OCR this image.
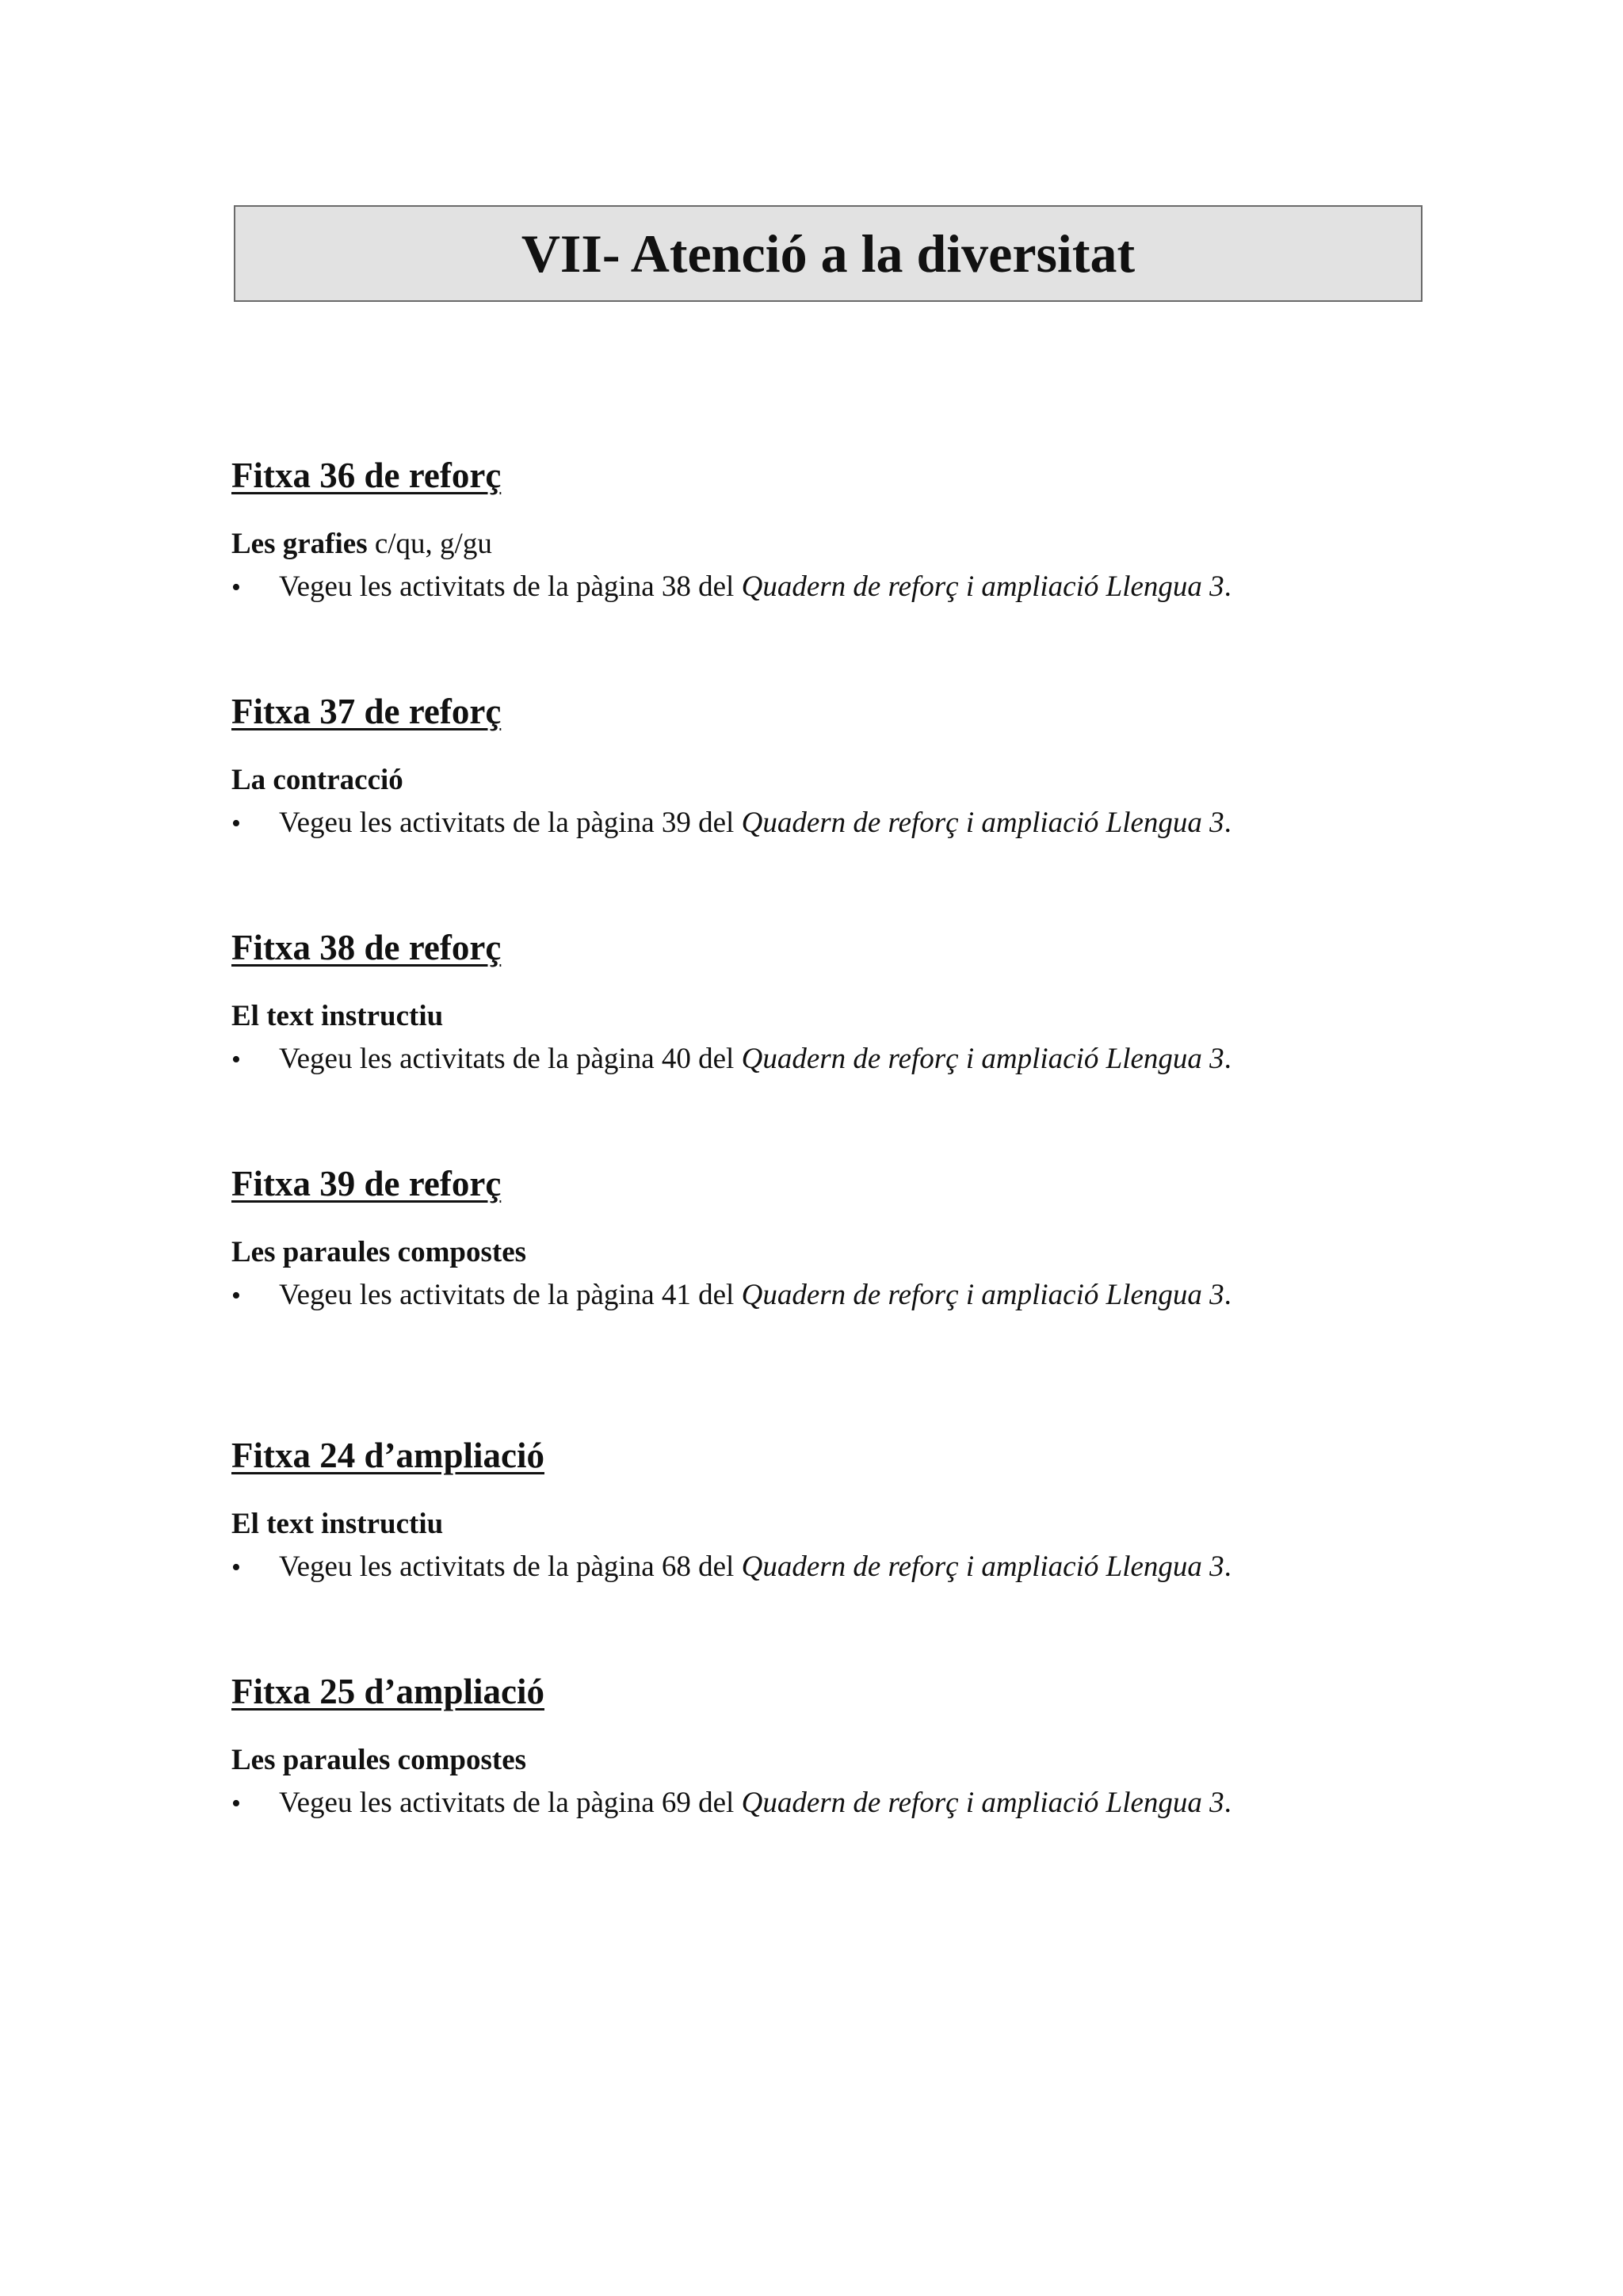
VII- Atenció a la diversitat
Fitxa 36 de reforç

Les grafies c/qu, g/gu

•	Vegeu les activitats de la pàgina 38 del Quadern de reforç i ampliació Llengua 3.
Fitxa 37 de reforç

La contracció

•	Vegeu les activitats de la pàgina 39 del Quadern de reforç i ampliació Llengua 3.
Fitxa 38 de reforç

El text instructiu

•	Vegeu les activitats de la pàgina 40 del Quadern de reforç i ampliació Llengua 3.
Fitxa 39 de reforç

Les paraules compostes

•	Vegeu les activitats de la pàgina 41 del Quadern de reforç i ampliació Llengua 3.
Fitxa 24 d’ampliació

El text instructiu

•	Vegeu les activitats de la pàgina 68 del Quadern de reforç i ampliació Llengua 3.
Fitxa 25 d’ampliació

Les paraules compostes

•	Vegeu les activitats de la pàgina 69 del Quadern de reforç i ampliació Llengua 3.
